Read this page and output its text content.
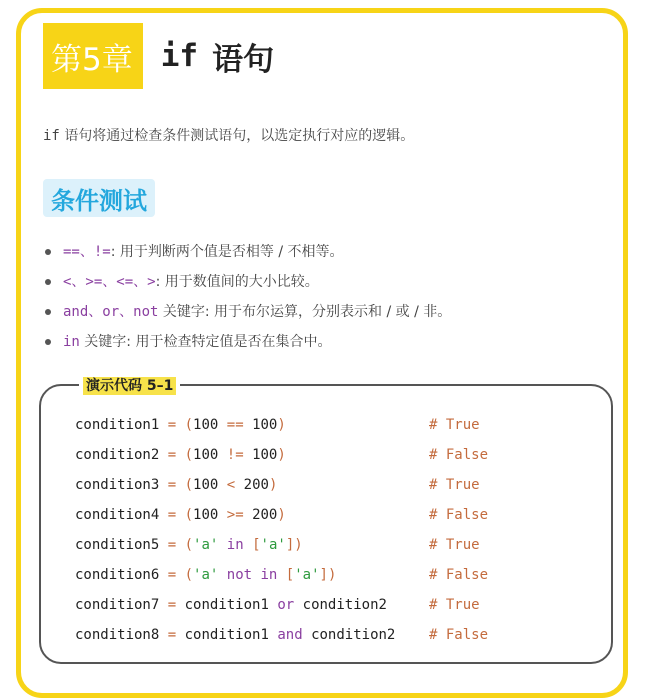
第5章 if 语句
if 语句将通过检查条件测试语句，以选定执行对应的逻辑。
条件测试
==、!=: 用于判断两个值是否相等 / 不相等。
<、>=、<=、>: 用于数值间的大小比较。
and、or、not 关键字: 用于布尔运算，分别表示和 / 或 / 非。
in 关键字: 用于检查特定值是否在集合中。
演示代码 5–1
condition1 = (100 == 100)	# True
condition2 = (100 != 100)	# False
condition3 = (100 < 200)	# True
condition4 = (100 >= 200)	# False
condition5 = ('a' in ['a'])	# True
condition6 = ('a' not in ['a'])	# False
condition7 = condition1 or condition2	# True
condition8 = condition1 and condition2	# False
